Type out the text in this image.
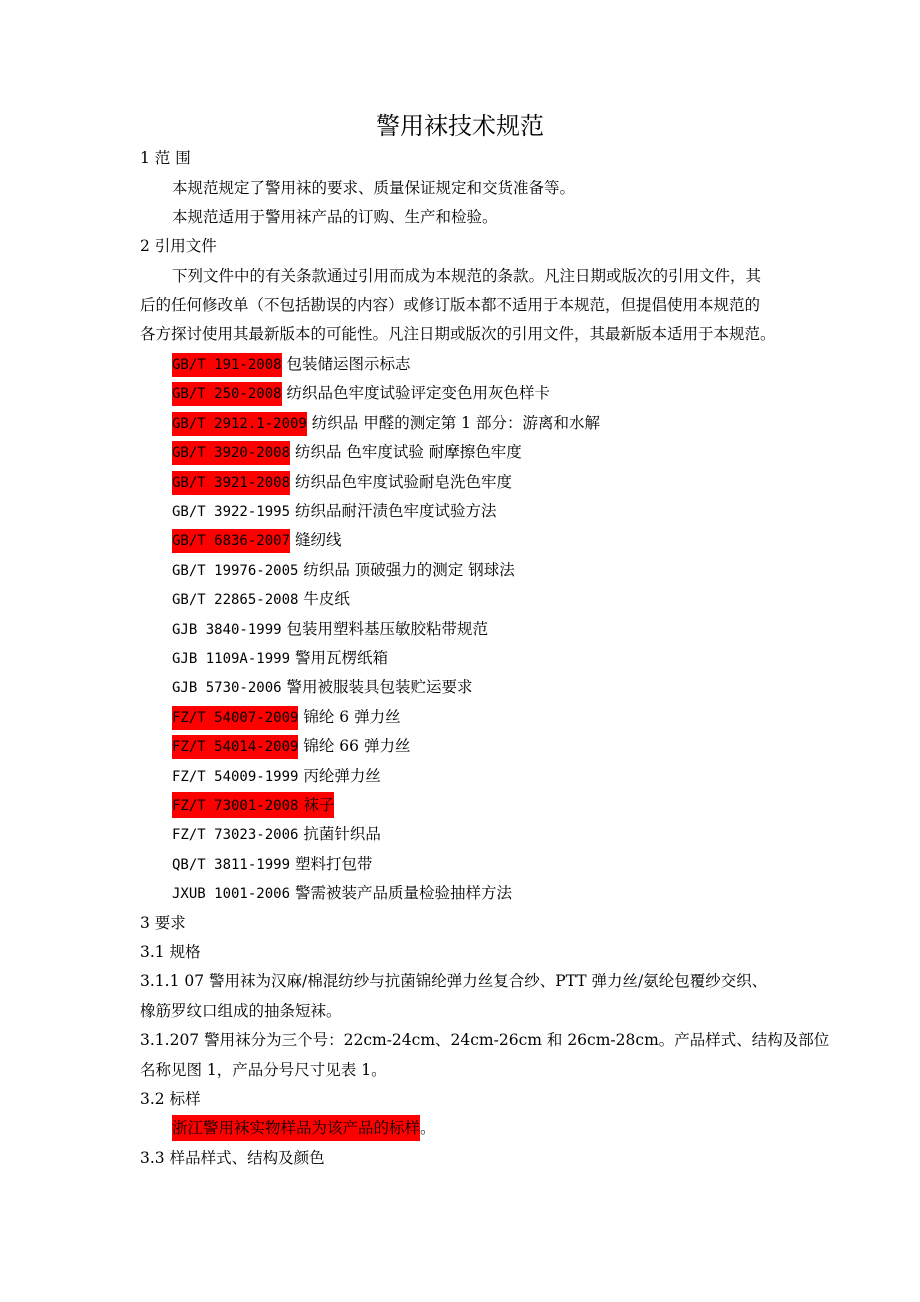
警用袜技术规范
1 范 围
本规范规定了警用袜的要求、质量保证规定和交货准备等。
本规范适用于警用袜产品的订购、生产和检验。
2 引用文件
下列文件中的有关条款通过引用而成为本规范的条款。凡注日期或版次的引用文件，其
后的任何修改单（不包括勘误的内容）或修订版本都不适用于本规范，但提倡使用本规范的
各方探讨使用其最新版本的可能性。凡注日期或版次的引用文件，其最新版本适用于本规范。
GB/T 191-2008 包装储运图示标志
GB/T 250-2008 纺织品色牢度试验评定变色用灰色样卡
GB/T 2912.1-2009 纺织品 甲醛的测定第 1 部分：游离和水解
GB/T 3920-2008 纺织品 色牢度试验 耐摩擦色牢度
GB/T 3921-2008 纺织品色牢度试验耐皂洗色牢度
GB/T 3922-1995 纺织品耐汗渍色牢度试验方法
GB/T 6836-2007 缝纫线
GB/T 19976-2005 纺织品 顶破强力的测定 钢球法
GB/T 22865-2008 牛皮纸
GJB 3840-1999 包装用塑料基压敏胶粘带规范
GJB 1109A-1999 警用瓦楞纸箱
GJB 5730-2006 警用被服装具包装贮运要求
FZ/T 54007-2009 锦纶 6 弹力丝
FZ/T 54014-2009 锦纶 66 弹力丝
FZ/T 54009-1999 丙纶弹力丝
FZ/T 73001-2008 袜子
FZ/T 73023-2006 抗菌针织品
QB/T 3811-1999 塑料打包带
JXUB 1001-2006 警需被装产品质量检验抽样方法
3 要求
3.1 规格
3.1.1 07 警用袜为汉麻/棉混纺纱与抗菌锦纶弹力丝复合纱、PTT 弹力丝/氨纶包覆纱交织、
橡筋罗纹口组成的抽条短袜。
3.1.207 警用袜分为三个号：22cm-24cm、24cm-26cm 和 26cm-28cm。产品样式、结构及部位
名称见图 1，产品分号尺寸见表 1。
3.2 标样
浙江警用袜实物样品为该产品的标样。
3.3 样品样式、结构及颜色
